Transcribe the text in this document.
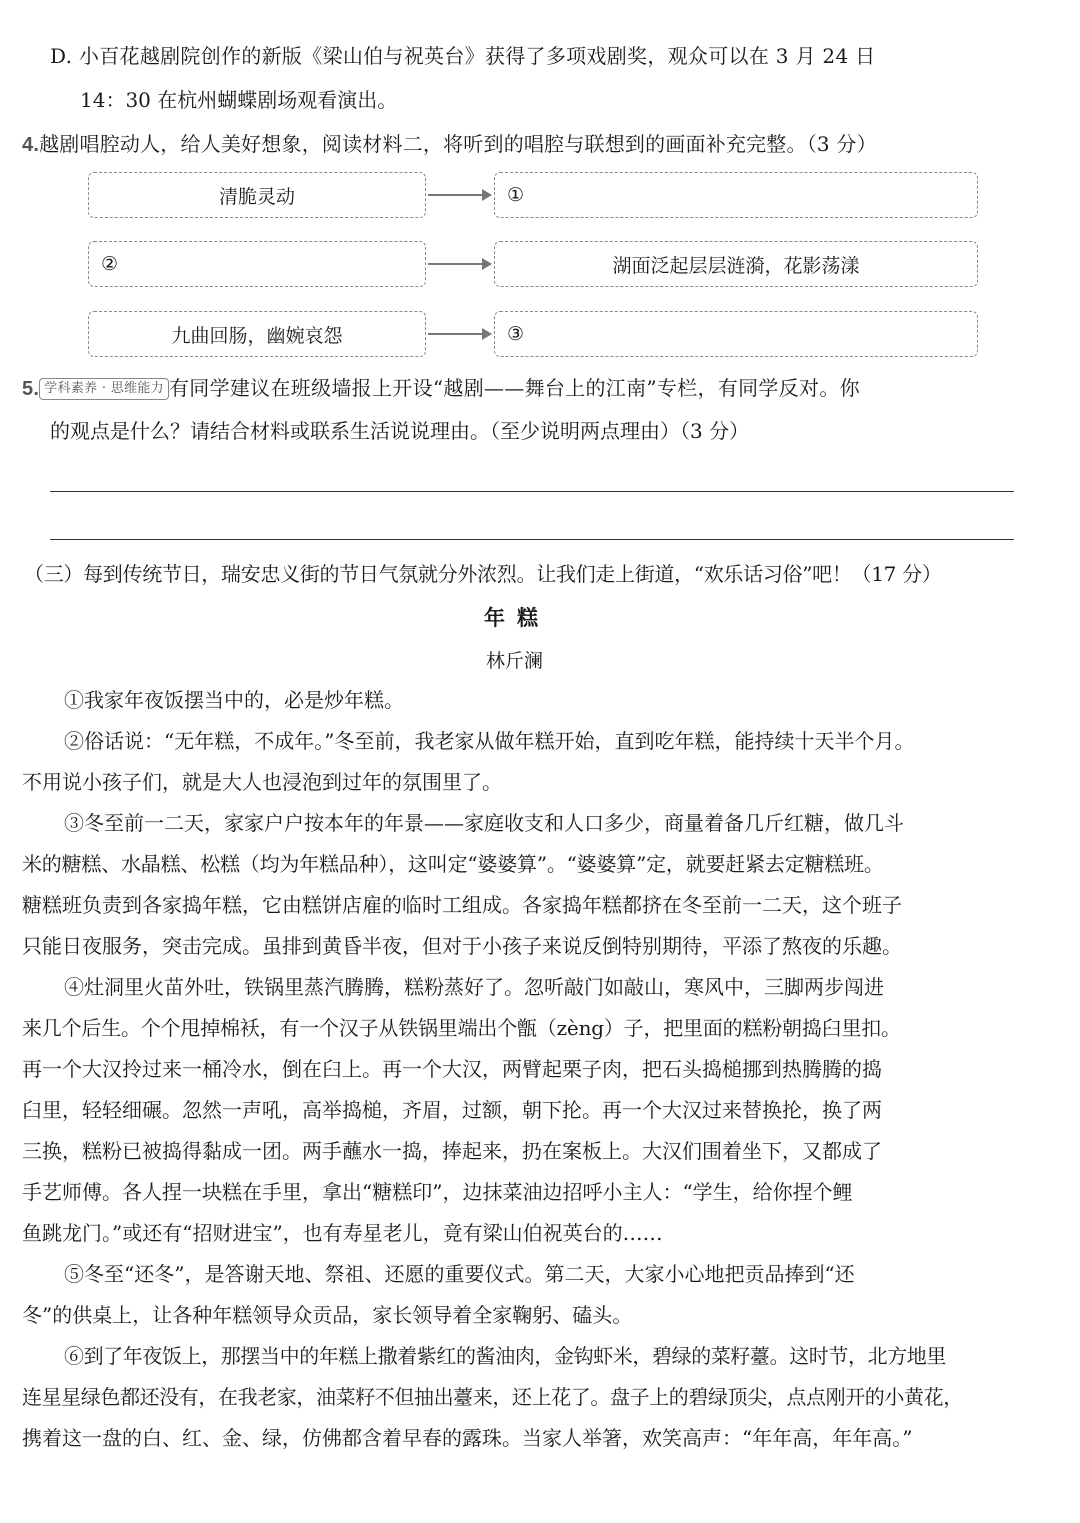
D. 小百花越剧院创作的新版《梁山伯与祝英台》获得了多项戏剧奖，观众可以在 3 月 24 日
14：30 在杭州蝴蝶剧场观看演出。
4.越剧唱腔动人，给人美好想象，阅读材料二，将听到的唱腔与联想到的画面补充完整。（3 分）
清脆灵动	①
②	湖面泛起层层涟漪，花影荡漾
九曲回肠，幽婉哀怨	③
5. 学科素养 · 思维能力 有同学建议在班级墙报上开设“越剧——舞台上的江南”专栏，有同学反对。你
的观点是什么？请结合材料或联系生活说说理由。（至少说明两点理由）（3 分）
（三）每到传统节日，瑞安忠义街的节日气氛就分外浓烈。让我们走上街道，“欢乐话习俗”吧！（17 分）
年糕
林斤澜
①我家年夜饭摆当中的，必是炒年糕。
②俗话说：“无年糕，不成年。”冬至前，我老家从做年糕开始，直到吃年糕，能持续十天半个月。
不用说小孩子们，就是大人也浸泡到过年的氛围里了。
③冬至前一二天，家家户户按本年的年景——家庭收支和人口多少，商量着备几斤红糖，做几斗
米的糖糕、水晶糕、松糕（均为年糕品种），这叫定“婆婆算”。“婆婆算”定，就要赶紧去定糖糕班。
糖糕班负责到各家捣年糕，它由糕饼店雇的临时工组成。各家捣年糕都挤在冬至前一二天，这个班子
只能日夜服务，突击完成。虽排到黄昏半夜，但对于小孩子来说反倒特别期待，平添了熬夜的乐趣。
④灶洞里火苗外吐，铁锅里蒸汽腾腾，糕粉蒸好了。忽听敲门如敲山，寒风中，三脚两步闯进
来几个后生。个个甩掉棉袄，有一个汉子从铁锅里端出个甑（zèng）子，把里面的糕粉朝捣臼里扣。
再一个大汉拎过来一桶冷水，倒在臼上。再一个大汉，两臂起栗子肉，把石头捣槌挪到热腾腾的捣
臼里，轻轻细碾。忽然一声吼，高举捣槌，齐眉，过额，朝下抡。再一个大汉过来替换抡，换了两
三换，糕粉已被捣得黏成一团。两手蘸水一捣，捧起来，扔在案板上。大汉们围着坐下，又都成了
手艺师傅。各人捏一块糕在手里，拿出“糖糕印”，边抹菜油边招呼小主人：“学生，给你捏个鲤
鱼跳龙门。”或还有“招财进宝”，也有寿星老儿，竟有梁山伯祝英台的……
⑤冬至“还冬”，是答谢天地、祭祖、还愿的重要仪式。第二天，大家小心地把贡品捧到“还
冬”的供桌上，让各种年糕领导众贡品，家长领导着全家鞠躬、磕头。
⑥到了年夜饭上，那摆当中的年糕上撒着紫红的酱油肉，金钩虾米，碧绿的菜籽薹。这时节，北方地里
连星星绿色都还没有，在我老家，油菜籽不但抽出薹来，还上花了。盘子上的碧绿顶尖，点点刚开的小黄花，
携着这一盘的白、红、金、绿，仿佛都含着早春的露珠。当家人举箸，欢笑高声：“年年高，年年高。”
